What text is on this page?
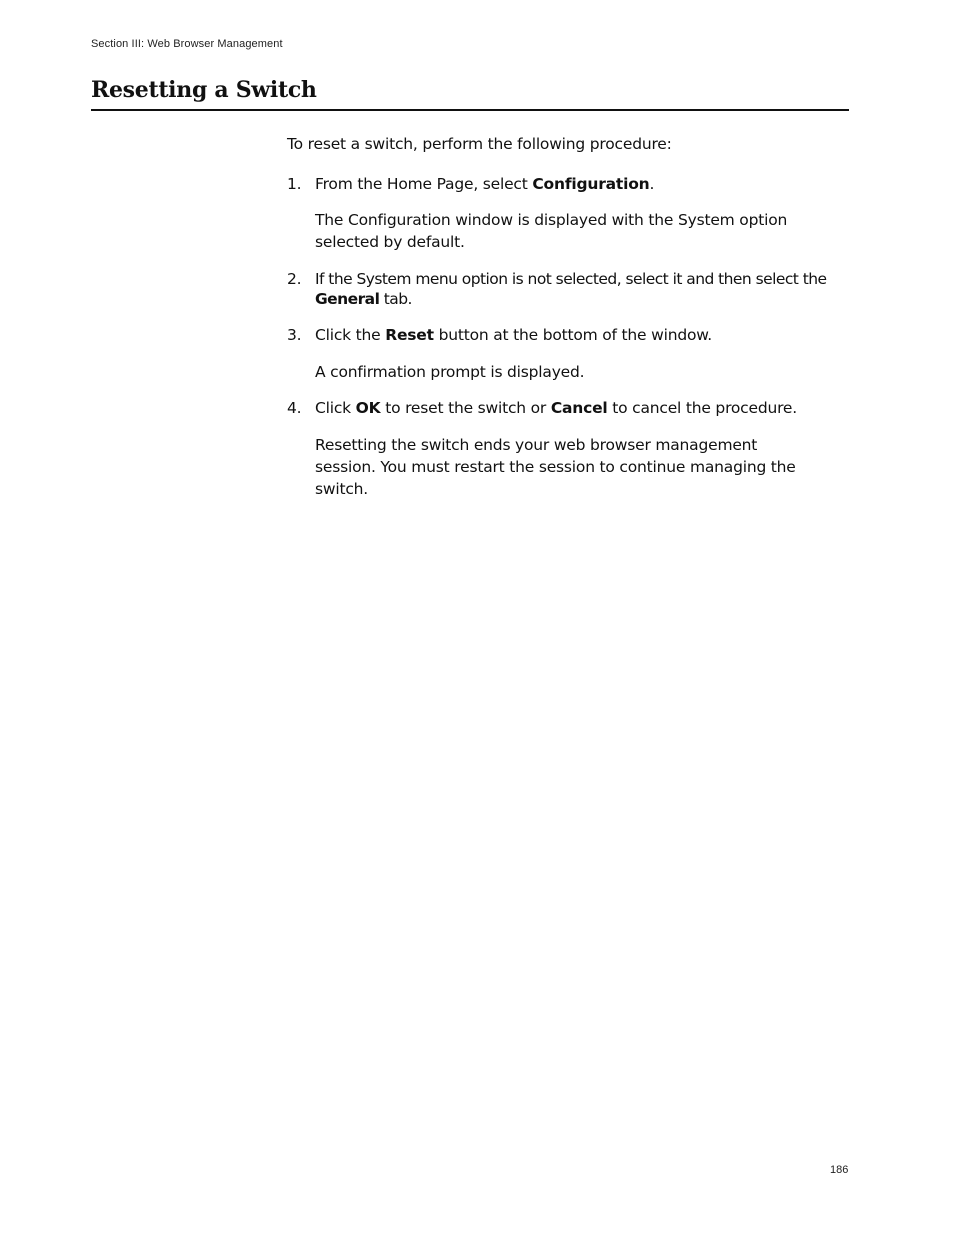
Section III: Web Browser Management
Resetting a Switch

To reset a switch, perform the following procedure:

1. From the Home Page, select Configuration.

The Configuration window is displayed with the System option selected by default.

2. If the System menu option is not selected, select it and then select the General tab.

3. Click the Reset button at the bottom of the window.

A confirmation prompt is displayed.

4. Click OK to reset the switch or Cancel to cancel the procedure.

Resetting the switch ends your web browser management session. You must restart the session to continue managing the switch.

186
